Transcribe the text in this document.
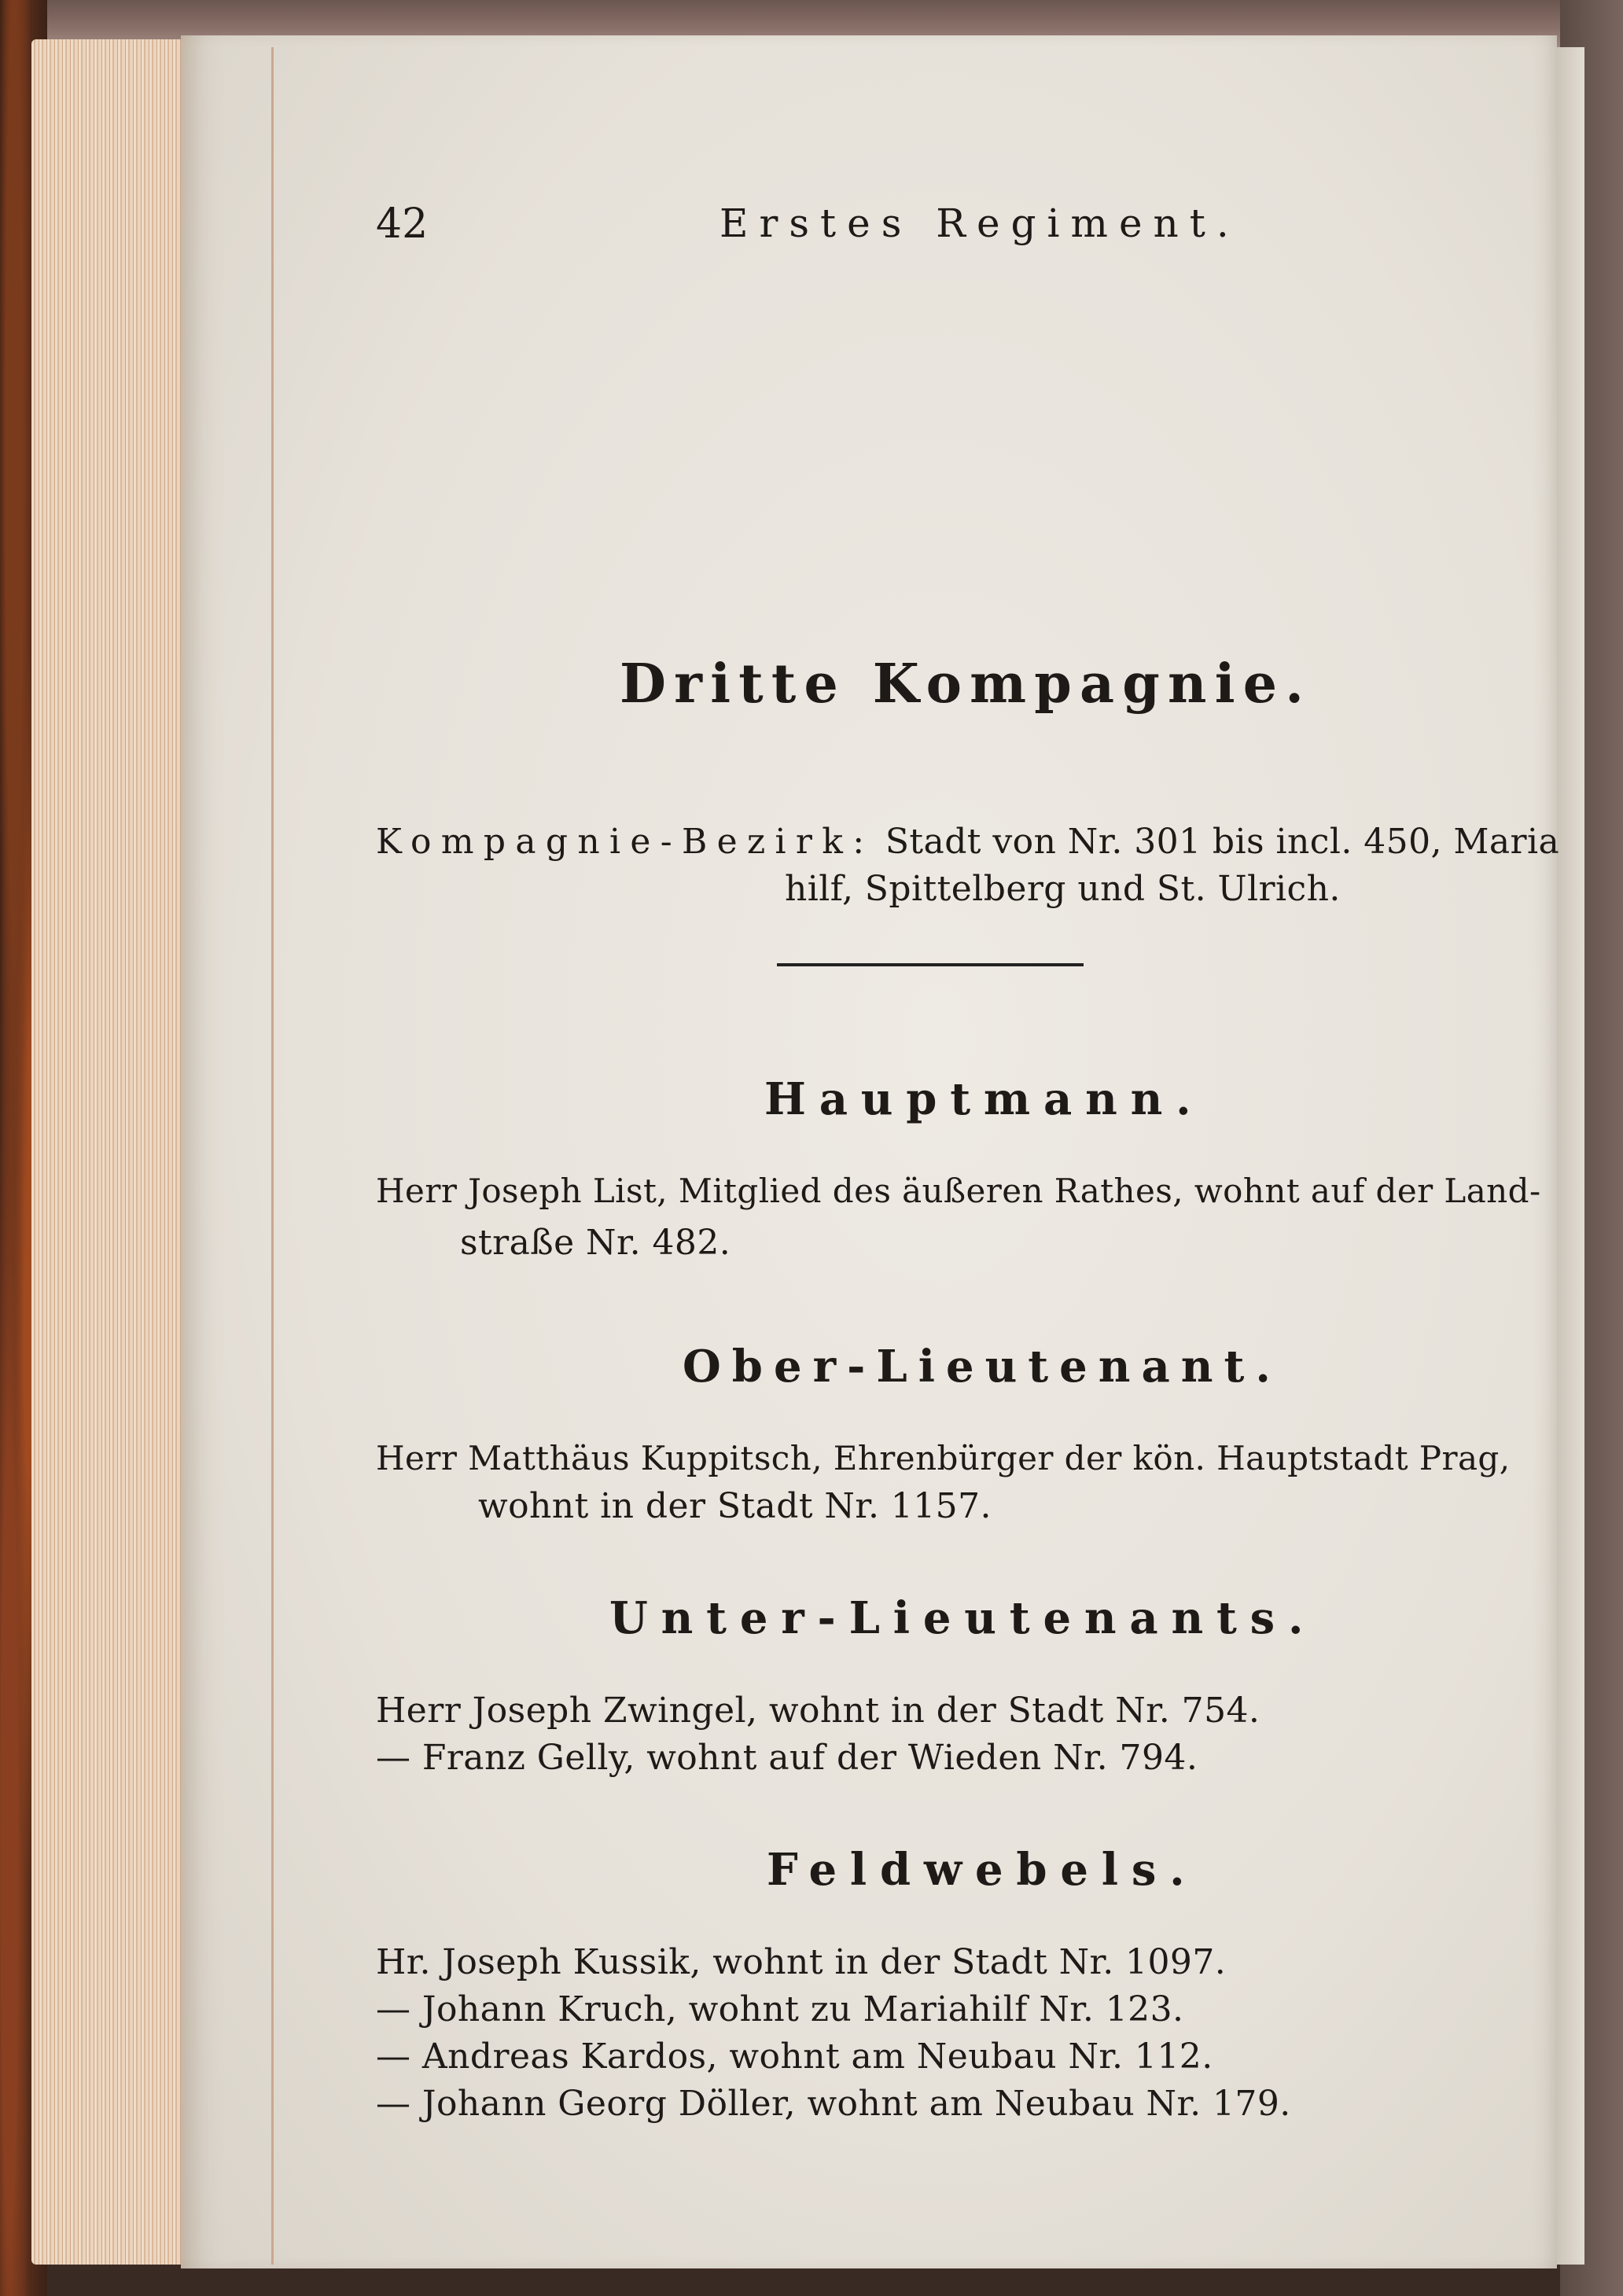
42	Erstes Regiment.
Dritte Kompagnie.
Kompagnie-Bezirk: Stadt von Nr. 301 bis incl. 450, Maria
hilf, Spittelberg und St. Ulrich.
Hauptmann.
Herr Joseph List, Mitglied des äußeren Rathes, wohnt auf der Land-
straße Nr. 482.
Ober-Lieutenant.
Herr Matthäus Kuppitsch, Ehrenbürger der kön. Hauptstadt Prag,
wohnt in der Stadt Nr. 1157.
Unter-Lieutenants.
Herr Joseph Zwingel, wohnt in der Stadt Nr. 754.
— Franz Gelly, wohnt auf der Wieden Nr. 794.
Feldwebels.
Hr. Joseph Kussik, wohnt in der Stadt Nr. 1097.
— Johann Kruch, wohnt zu Mariahilf Nr. 123.
— Andreas Kardos, wohnt am Neubau Nr. 112.
— Johann Georg Döller, wohnt am Neubau Nr. 179.
